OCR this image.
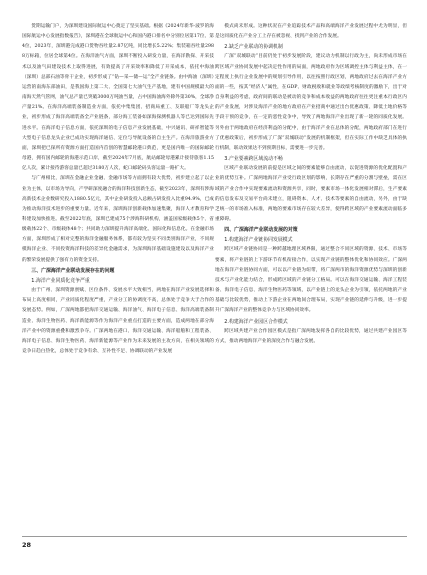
货期运输门户，为深圳建设国际航运中心奠定了坚实基础。根据《2024年新华·波罗的海国际航运中心发展指数报告》，深圳港在全球航运中心和国内港口排名中分别位居第17位、第4位，2023年，深圳港完成港口货物吞吐量2.87亿吨，同比增长5.22%；集装箱吞吐量2988万标箱，位居全球第4位。在海洋油气方面，深圳不断投入研发力量，在海洋勘探、开采技术以及油气田建设技术上取得进展，有效提高了开采效率和降低了开采成本，依托中海油（深圳）总部石油等骨干企业，初步形成了“钻—采—储—运”全产业链条。由中海油（深圳）运营的南海东部油田，是我国海上第二大、全国第七大油气生产基地，建有中国规模最大的南海天然气管网，油气总产量已突破3000万吨油当量，占中国海油海外除外第30%，全球净产量21%。在海洋高端装备制造业方面，依托中集集团、招商局重工、友联船厂等龙头企业，初步形成了海洋高端装备全产业链条，部分海工装备如深海探测机器人等已达到国际先进水平。在海洋电子信息方面，依托深圳的电子信息产业发展基础，中兴通讯、研祥智能等大型电子信息龙头企业已成功实现海洋通信、定位与导航设备的自主生产。在海洋旅游业方面，深圳把已探所有资源方面打造国内首创的智慧邮轮港口典范，更是国内唯一的国际邮轮母港，拥有国内邮轮的海港示范口岸，截至2024年7月底，航站邮轮母港累计接待旅客1.15亿人次，累计接待游客总量已超过3180万人次，蛇口邮轮码头客运量一路扩大。

与广州相比，深圳在金融企业金融、金融市场等方面拥有较大优势，初步建立起了以企业为主体，以市场为导向，产学研深度融合的海洋科技创新生态，截至2023年，深圳有涉海高新技术企业数研究投入1880.5亿元，其中企业研发投入总额占研发投入比重94.9%，已成为推动海洋技术进步的重要力量。近年来，深圳海洋创新载体加速集聚，海洋人才教育和学科建设加快推进。截至2022年底，深圳已建成75个涉海科研机构，涵盖国家级载体5个、省级载体22个、市级载体48个；共同助力深圳提升海洋高端化、国际化和信息化。在金融市场方面，深圳形成了相对完整的海洋金融服务体系，都有较为坚实不同类别海洋产业，不同规模海洋企业、不同投资海洋科技的差异化金融需求，为深圳海洋基础设施建设以及海洋产业的繁荣发展提供了强有力的资金支持。

三、广深海洋产业联动发展存在的问题

1.海洋产业同质化竞争严重

由于广州、深圳资源禀赋、区位条件、发展水平大致相当，两地在海洋产业发展选择和布局上高度相同，产业同质化程度严重，产业分工的协调度不高，总体处于竞争大于合作的发展态势。例如，广深两地都把海洋交通运输、海洋油气、海洋电子信息、海洋高端装备制造业、海洋生物医药、海洋新能源等作为海洋产业重点打造的主要方面，造成两地在部分海洋产业中的资源重叠和激烈争夺。广深两地在港口、海洋交通运输、海洋船舶和工程装备、海洋电子信息、海洋生物医药、海洋新能源等产业作为未来发展的主攻方向，在相关领域的竞争日趋白热化，总体处于竞争有余、互补性不足、协调联动的产业发展

模式尚未形成。这种状况在产业追踪技术产品和高端海洋产业发展过程中尤为明显，但是这同质化在产业分工上存在被忽视、找到产业的合作发展。

2.缺乏产业联动的协调机制

广深“双城联动”目前仍处于初步发展阶段，建议动力机制以行政为主，尚未形成市场在跨区域产业协同发展中起决定性作用的局面，两地政府作为区域调控主体与利益主体，在一定程度上执行企业发展中的规划引导作用，以往按照行政区划，两地政府过去在海洋产业方面的一些，按其“经济人”属性，在GDP、财政税收和就业等政绩考核制度的激励下，出于对自身利益的考虑，政府间的联动是被动的竞争和成本收益的两地政府往往更注重本行政区内的产业发展，对涉及海洋产业的地方政府在产业招商中通过出台优惠政策、降低土地价格等手段干预的竞争，在一定的恶性竞争中，导致了两地海洋产业出现了新一轮的同质化发展。另外由于两地政府在经济利益的分配中，由于海洋产业在总体的分配，两地政府部门在进行了优惠政策后，初步形成了广深“双城联动”发展的机制框架，但在实际工作中缺乏具体的执行机制，联动效果达不到预期目标，需要进一步完善。

3.产业要素跨区域流动不畅

区域产业联动发展的前提是区域之间的要素能够自由流动，以促进资源的优化配置和产业的优势互补。广深两地海洋产业受行政区划的影响，长期存在严重的分割与壁垒，需在区域的产业合作中实现要素流动和资源共享，同时，要素市场一体化发展相对滞后，生产要素的信息发布及交易平台尚未建立，阻碍资本、人才、技术等要素的自由流动，另外，由于缺乏统一的市场准入标准，两地的要素市场存在较大差异，使得跨区域的产业要素流动面临多重障碍。

四、广深海洋产业联动发展的对策

1.构建海洋产业链协同发展模式

跨区域产业链协同是一种跨越地理区域界限，通过整合不同区域的资源、技术、市场等要素，将产业链的上下游环节有机衔接合作，以实现产业链的整体优化和协同效应。广深两地在海洋产业链协同方面，可以以产业链为纽带，将广深两市的海洋资源优势与深圳的创新技术与产业化能力结合，形成跨区域的产业链分工格局。可以在海洋交通运输、海洋工程装备、海洋电子信息、海洋生物医药等领域，以产业链上的龙头企业为引领，依托两地的产业基础与比较优势，推动上下游企业在两地间合理布局，实现产业链的延伸与升级，进一步提升广深海洋产业的整体竞争力与区域协同效率。

2.构建海洋产业园区合作模式

跨区域共建产业合作园区模式是指广深两地发挥各自的比较优势，通过共建产业园区等方式，推动两地海洋产业的深度合作与融合发展。

28
